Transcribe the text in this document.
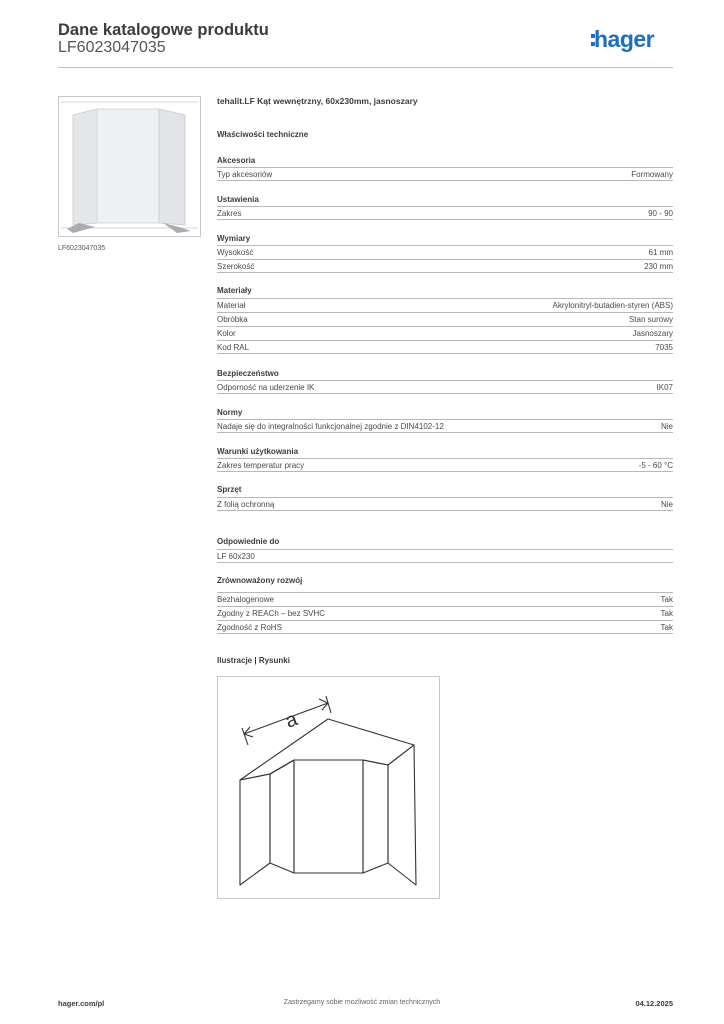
Dane katalogowe produktu
LF6023047035	hager
LF6023047035
tehalit.LF Kąt wewnętrzny, 60x230mm, jasnoszary
Właściwości techniczne
Akcesoria
Typ akcesoriów	Formowany
Ustawienia
Zakres	90 - 90
Wymiary
Wysokość	61 mm
Szerokość	230 mm
Materiały
Materiał	Akrylonitryl-butadien-styren (ABS)
Obróbka	Stan surowy
Kolor	Jasnoszary
Kod RAL	7035
Bezpieczeństwo
Odporność na uderzenie IK	IK07
Normy
Nadaje się do integralności funkcjonalnej zgodnie z DIN4102-12	Nie
Warunki użytkowania
Zakres temperatur pracy	-5 - 60 °C
Sprzęt
Z folią ochronną	Nie
Odpowiednie do
LF 60x230
Zrównoważony rozwój
Bezhalogenowe	Tak
Zgodny z REACh – bez SVHC	Tak
Zgodność z RoHS	Tak
Ilustracje | Rysunki
a
hager.com/pl	Zastrzegamy sobie możliwość zmian technicznych	04.12.2025
